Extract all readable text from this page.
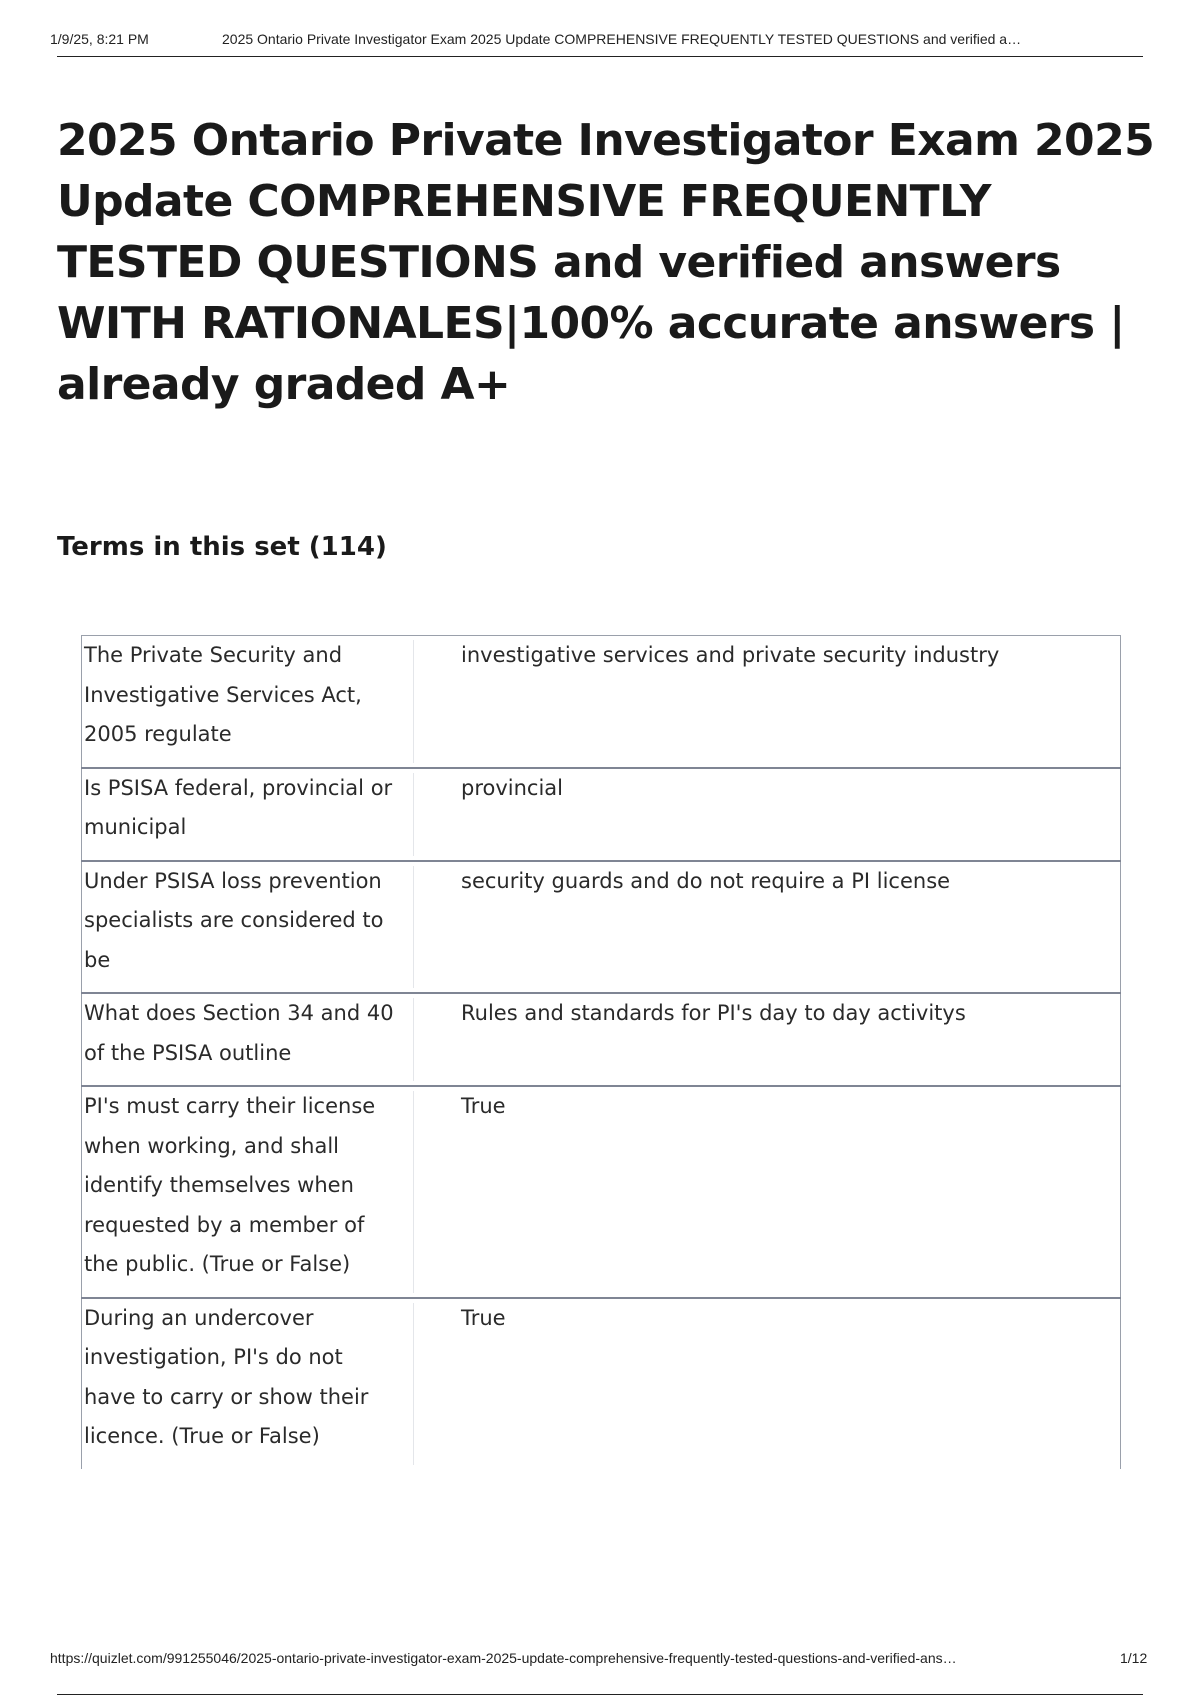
1/9/25, 8:21 PM	2025 Ontario Private Investigator Exam 2025 Update COMPREHENSIVE FREQUENTLY TESTED QUESTIONS and verified a…
2025 Ontario Private Investigator Exam 2025 Update COMPREHENSIVE FREQUENTLY TESTED QUESTIONS and verified answers WITH RATIONALES|100% accurate answers | already graded A+
Terms in this set (114)
The Private Security and Investigative Services Act, 2005 regulate	investigative services and private security industry
Is PSISA federal, provincial or municipal	provincial
Under PSISA loss prevention specialists are considered to be	security guards and do not require a PI license
What does Section 34 and 40 of the PSISA outline	Rules and standards for PI's day to day activitys
PI's must carry their license when working, and shall identify themselves when requested by a member of the public. (True or False)	True
During an undercover investigation, PI's do not have to carry or show their licence. (True or False)	True
https://quizlet.com/991255046/2025-ontario-private-investigator-exam-2025-update-comprehensive-frequently-tested-questions-and-verified-ans…	1/12
